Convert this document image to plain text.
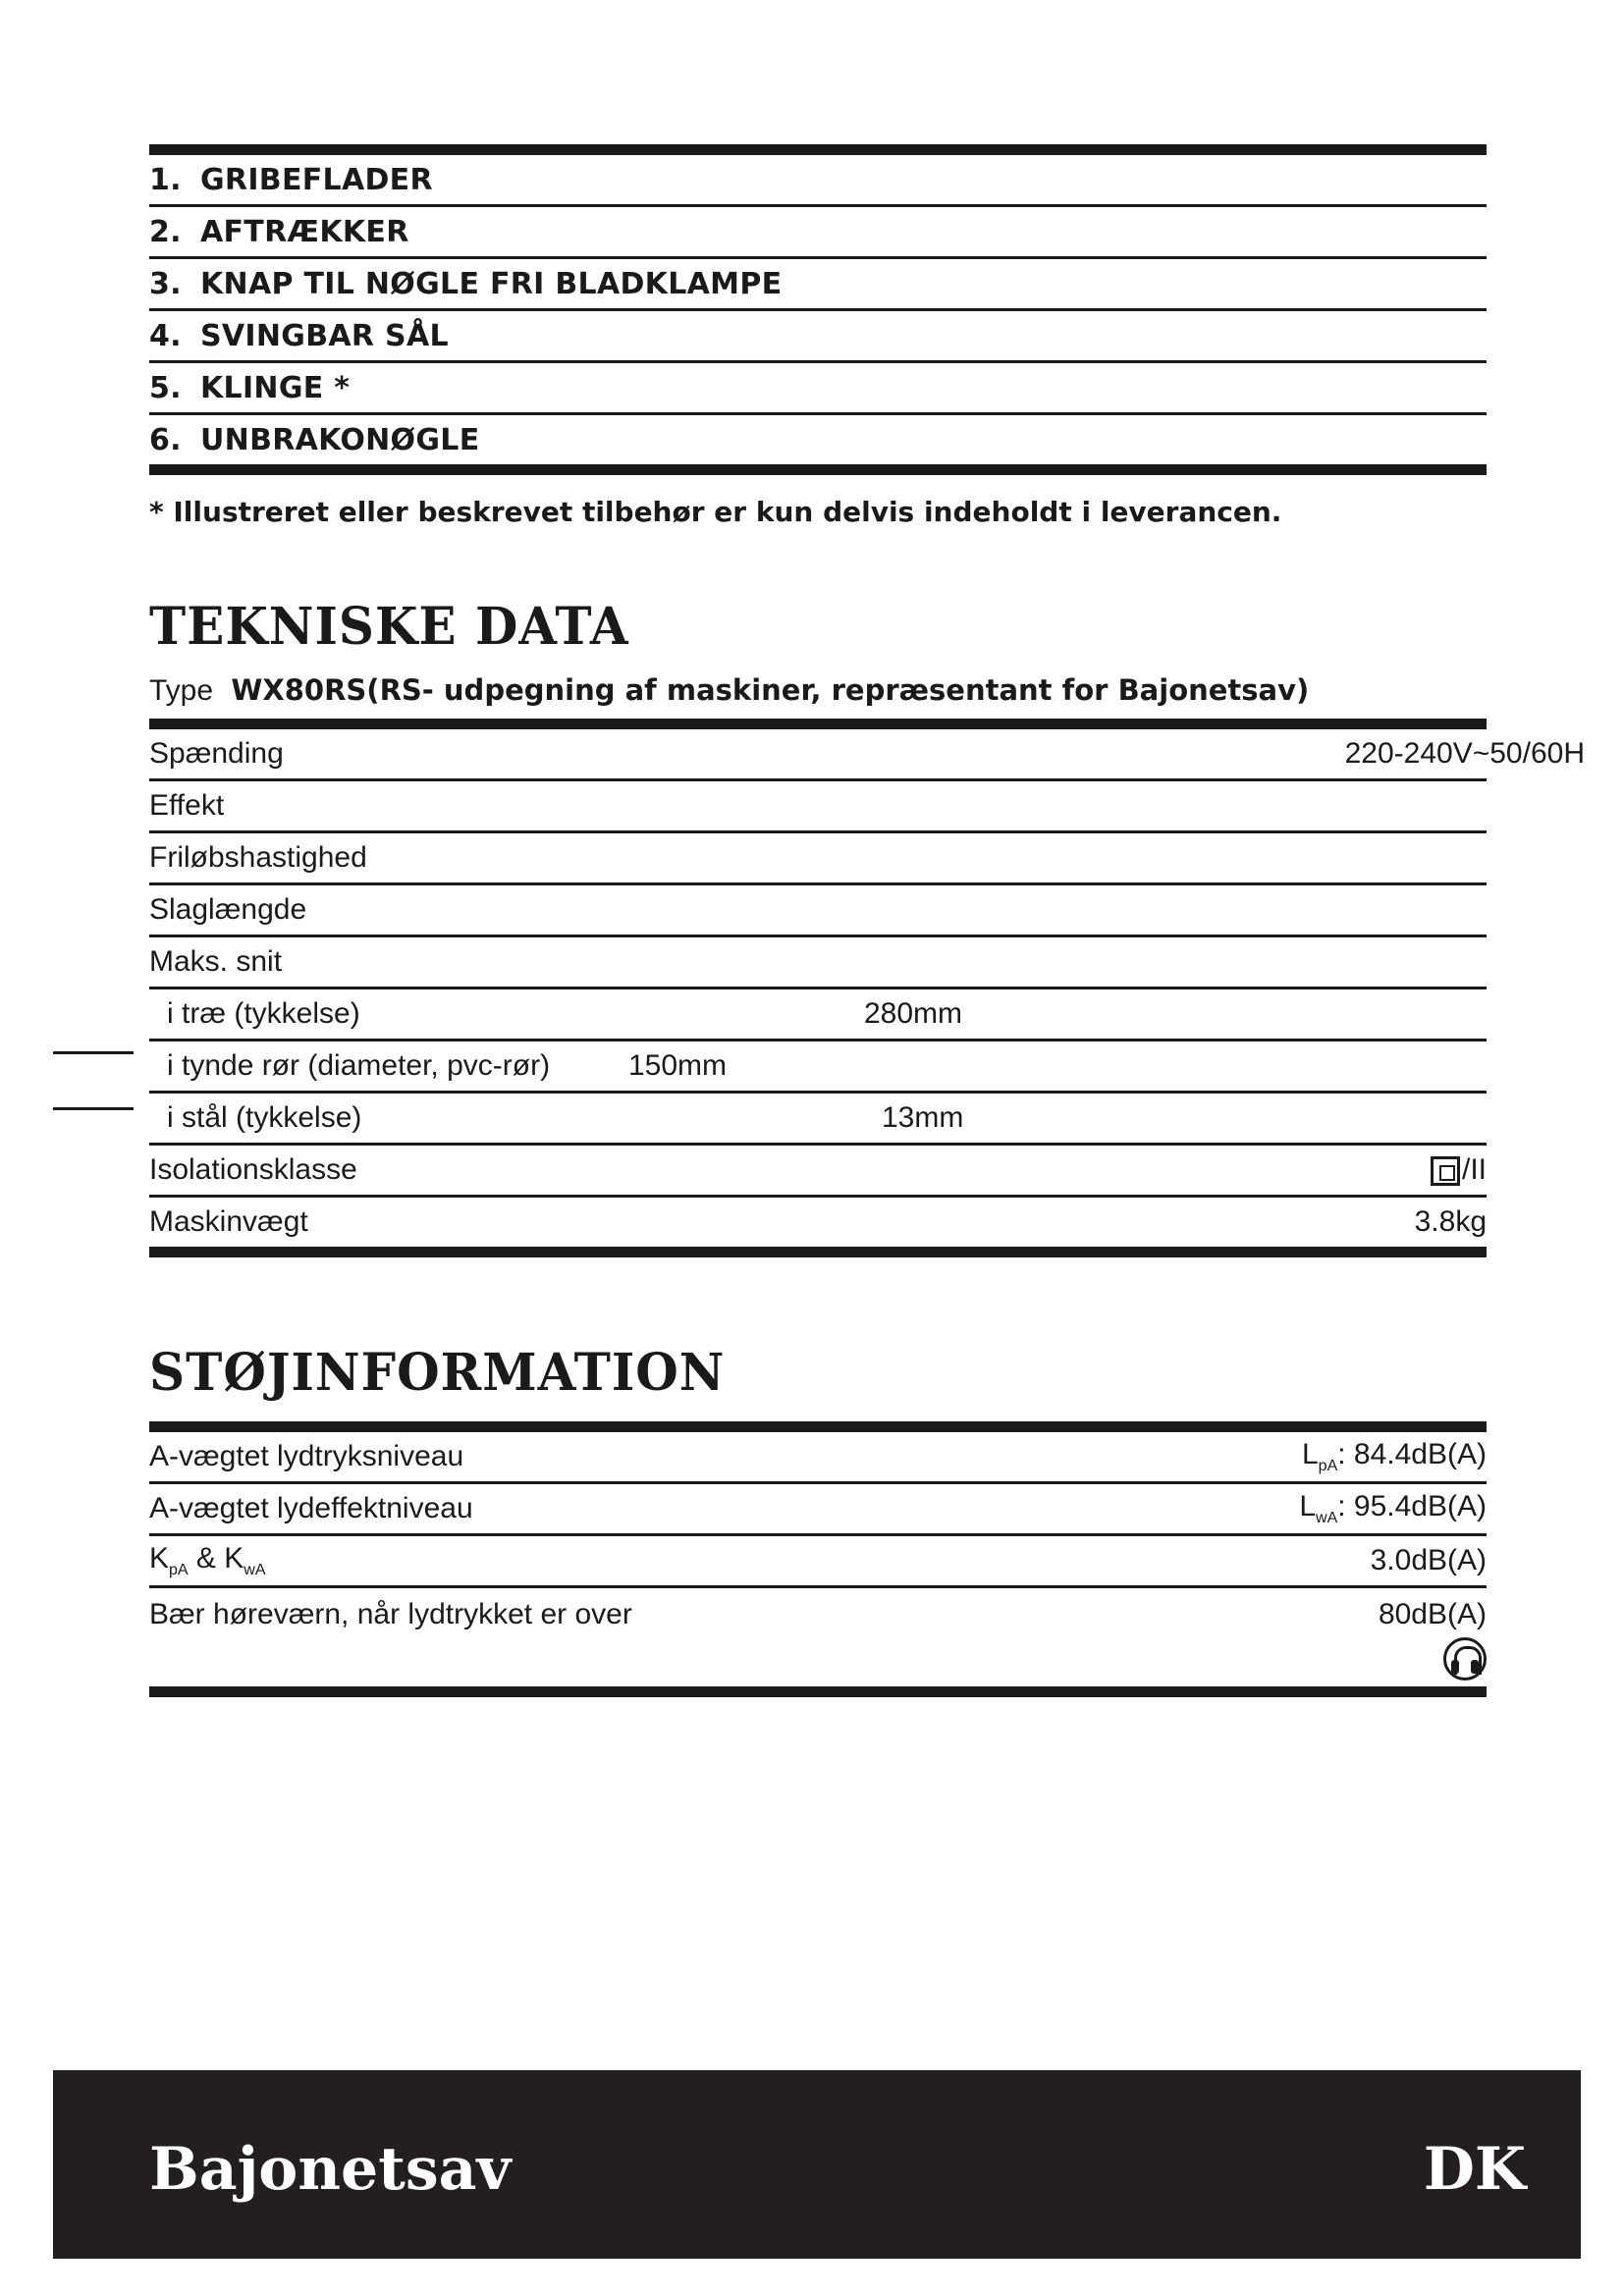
1. GRIBEFLADER
2. AFTRÆKKER
3. KNAP TIL NØGLE FRI BLADKLAMPE
4. SVINGBAR SÅL
5. KLINGE *
6. UNBRAKONØGLE
* Illustreret eller beskrevet tilbehør er kun delvis indeholdt i leverancen.
TEKNISKE DATA
Type WX80RS(RS- udpegning af maskiner, repræsentant for Bajonetsav)
Spænding	220-240V~50/60H
Effekt
Friløbshastighed
Slaglængde
Maks. snit
i træ (tykkelse)	280mm
i tynde rør (diameter, pvc-rør)	150mm
i stål (tykkelse)	13mm
Isolationsklasse	/II
Maskinvægt	3.8kg
STØJINFORMATION
A-vægtet lydtryksniveau	$L_{pA}$: 84.4dB(A)
A-vægtet lydeffektniveau	$L_{wA}$: 95.4dB(A)
$K_{pA}$ & $K_{wA}$	3.0dB(A)
Bær høreværn, når lydtrykket er over	80dB(A)
Bajonetsav	DK
